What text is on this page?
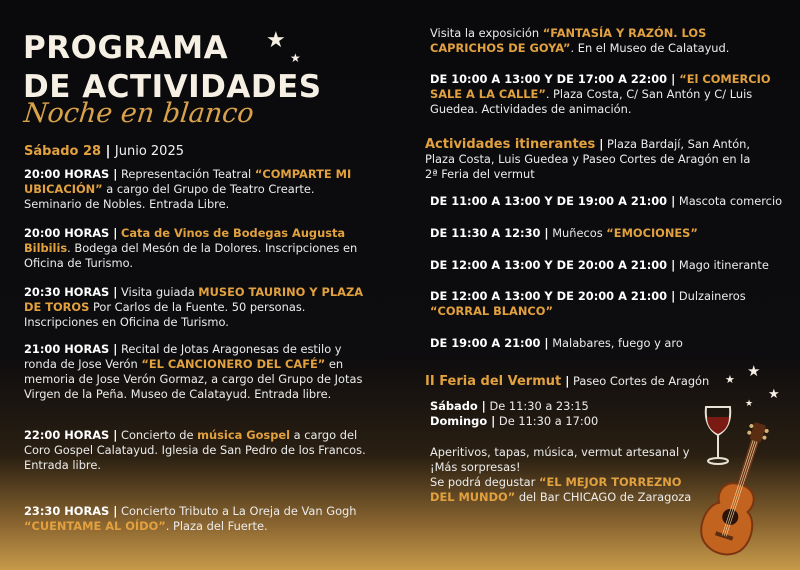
PROGRAMA ★
★
DE ACTIVIDADES
Noche en blanco
Sábado 28 | Junio 2025
20:00 HORAS | Representación Teatral “COMPARTE MI UBICACIÓN” a cargo del Grupo de Teatro Crearte. Seminario de Nobles. Entrada Libre.
20:00 HORAS | Cata de Vinos de Bodegas Augusta Bilbilis. Bodega del Mesón de la Dolores. Inscripciones en Oficina de Turismo.
20:30 HORAS | Visita guiada MUSEO TAURINO Y PLAZA DE TOROS Por Carlos de la Fuente. 50 personas. Inscripciones en Oficina de Turismo.
21:00 HORAS | Recital de Jotas Aragonesas de estilo y ronda de Jose Verón “EL CANCIONERO DEL CAFÉ” en memoria de Jose Verón Gormaz, a cargo del Grupo de Jotas Virgen de la Peña. Museo de Calatayud. Entrada libre.
22:00 HORAS | Concierto de música Gospel a cargo del Coro Gospel Calatayud. Iglesia de San Pedro de los Francos. Entrada libre.
23:30 HORAS | Concierto Tributo a La Oreja de Van Gogh “CUENTAME AL OÍDO”. Plaza del Fuerte.
Visita la exposición “FANTASÍA Y RAZÓN. LOS CAPRICHOS DE GOYA”. En el Museo de Calatayud.
DE 10:00 A 13:00 Y DE 17:00 A 22:00 | “El COMERCIO SALE A LA CALLE”. Plaza Costa, C/ San Antón y C/ Luis Guedea. Actividades de animación.
Actividades itinerantes | Plaza Bardají, San Antón, Plaza Costa, Luis Guedea y Paseo Cortes de Aragón en la 2ª Feria del vermut
DE 11:00 A 13:00 Y DE 19:00 A 21:00 | Mascota comercio
DE 11:30 A 12:30 | Muñecos “EMOCIONES”
DE 12:00 A 13:00 Y DE 20:00 A 21:00 | Mago itinerante
DE 12:00 A 13:00 Y DE 20:00 A 21:00 | Dulzaineros
“CORRAL BLANCO”
DE 19:00 A 21:00 | Malabares, fuego y aro
II Feria del Vermut | Paseo Cortes de Aragón
Sábado | De 11:30 a 23:15
Domingo | De 11:30 a 17:00
Aperitivos, tapas, música, vermut artesanal y
¡Más sorpresas!
Se podrá degustar “EL MEJOR TORREZNO DEL MUNDO” del Bar CHICAGO de Zaragoza
★ ★
★
★
